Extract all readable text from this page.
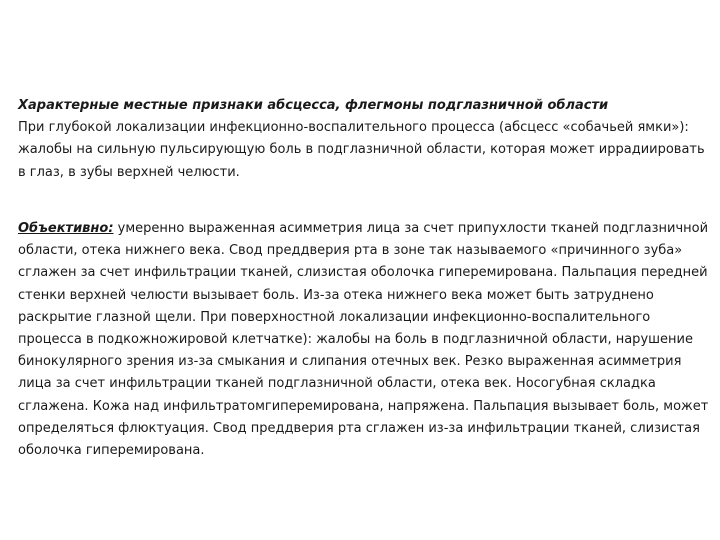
Характерные местные признаки абсцесса, флегмоны подглазничной области

При глубокой локализации инфекционно-воспалительного процесса (абсцесс «собачьей ямки»): жалобы на сильную пульсирующую боль в подглазничной области, которая может иррадиировать в глаз, в зубы верхней челюсти.

Объективно: умеренно выраженная асимметрия лица за счет припухлости тканей подглазничной области, отека нижнего века. Свод преддверия рта в зоне так называемого «причинного зуба» сглажен за счет инфильтрации тканей, слизистая оболочка гиперемирована. Пальпация передней стенки верхней челюсти вызывает боль. Из-за отека нижнего века может быть затруднено раскрытие глазной щели. При поверхностной локализации инфекционно-воспалительного процесса в подкожножировой клетчатке): жалобы на боль в подглазничной области, нарушение бинокулярного зрения из-за смыкания и слипания отечных век. Резко выраженная асимметрия лица за счет инфильтрации тканей подглазничной области, отека век. Носогубная складка сглажена. Кожа над инфильтратомгиперемирована, напряжена. Пальпация вызывает боль, может определяться флюктуация. Свод преддверия рта сглажен из-за инфильтрации тканей, слизистая оболочка гиперемирована.
